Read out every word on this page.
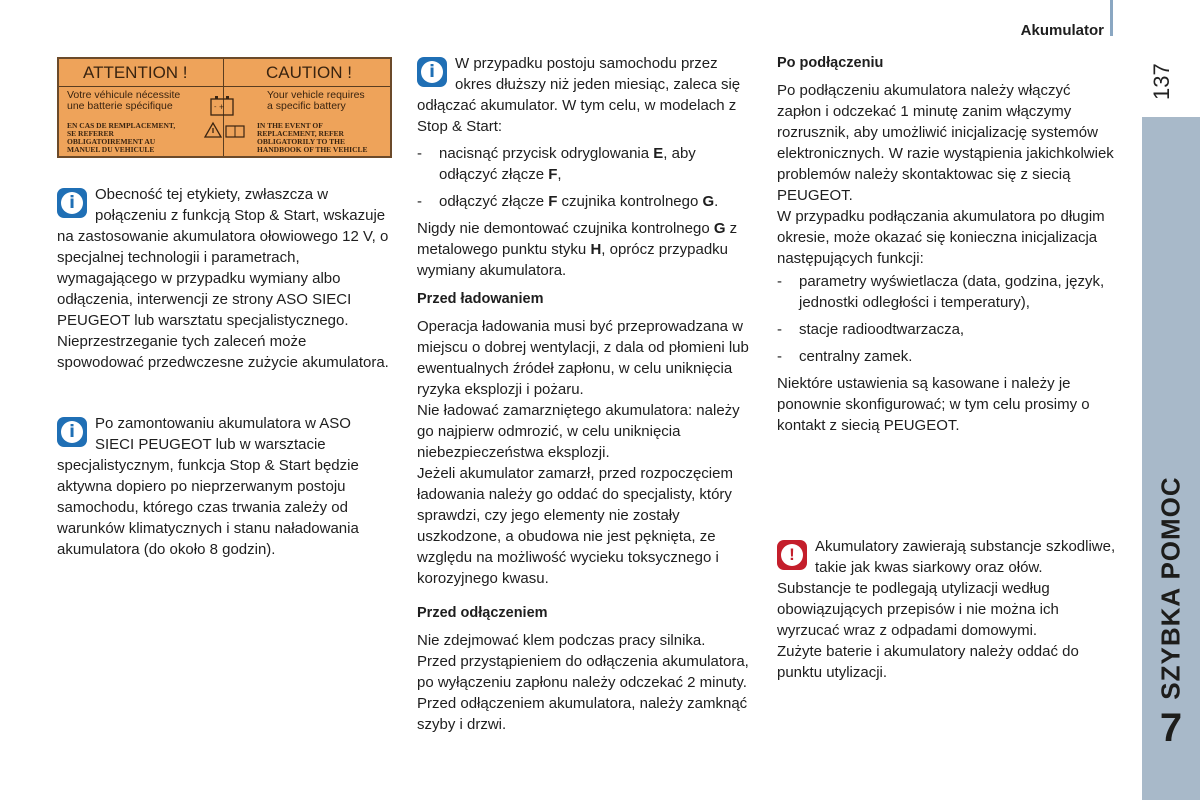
Akumulator
137
SZYBKA POMOC
7
ATTENTION !	CAUTION !
Votre véhicule nécessite
une batterie spécifique
Your vehicle requires
a specific battery
EN CAS DE REMPLACEMENT,
SE REFERER
OBLIGATOIREMENT AU
MANUEL DU VEHICULE
IN THE EVENT OF
REPLACEMENT, REFER
OBLIGATORILY TO THE
HANDBOOK OF THE VEHICLE
- +
i	Obecność tej etykiety, zwłaszcza w połączeniu z funkcją Stop & Start, wskazuje na zastosowanie akumulatora ołowiowego 12 V, o specjalnej technologii i parametrach, wymagającego w przypadku wymiany albo odłączenia, interwencji ze strony ASO SIECI PEUGEOT lub warsztatu specjalistycznego.

Nieprzestrzeganie tych zaleceń może spowodować przedwczesne zużycie akumulatora.

i	Po zamontowaniu akumulatora w ASO SIECI PEUGEOT lub w warsztacie specjalistycznym, funkcja Stop & Start będzie aktywna dopiero po nieprzerwanym postoju samochodu, którego czas trwania zależy od warunków klimatycznych i stanu naładowania akumulatora (do około 8 godzin).

i	W przypadku postoju samochodu przez okres dłuższy niż jeden miesiąc, zaleca się odłączać akumulator. W tym celu, w modelach z Stop & Start:

- nacisnąć przycisk odryglowania E, aby odłączyć złącze F,

- odłączyć złącze F czujnika kontrolnego G.

Nigdy nie demontować czujnika kontrolnego G z metalowego punktu styku H, oprócz przypadku wymiany akumulatora.

Przed ładowaniem

Operacja ładowania musi być przeprowadzana w miejscu o dobrej wentylacji, z dala od płomieni lub ewentualnych źródeł zapłonu, w celu uniknięcia ryzyka eksplozji i pożaru.

Nie ładować zamarzniętego akumulatora: należy go najpierw odmrozić, w celu uniknięcia niebezpieczeństwa eksplozji.

Jeżeli akumulator zamarzł, przed rozpoczęciem ładowania należy go oddać do specjalisty, który sprawdzi, czy jego elementy nie zostały uszkodzone, a obudowa nie jest pęknięta, ze względu na możliwość wycieku toksycznego i korozyjnego kwasu.

Przed odłączeniem

Nie zdejmować klem podczas pracy silnika.

Przed przystąpieniem do odłączenia akumulatora, po wyłączeniu zapłonu należy odczekać 2 minuty.

Przed odłączeniem akumulatora, należy zamknąć szyby i drzwi.

Po podłączeniu

Po podłączeniu akumulatora należy włączyć zapłon i odczekać 1 minutę zanim włączymy rozrusznik, aby umożliwić inicjalizację systemów elektronicznych. W razie wystąpienia jakichkolwiek problemów należy skontaktowac się z siecią PEUGEOT.

W przypadku podłączania akumulatora po długim okresie, może okazać się konieczna inicjalizacja następujących funkcji:

- parametry wyświetlacza (data, godzina, język, jednostki odległości i temperatury),

- stacje radioodtwarzacza,

- centralny zamek.

Niektóre ustawienia są kasowane i należy je ponownie skonfigurować; w tym celu prosimy o kontakt z siecią PEUGEOT.

!	Akumulatory zawierają substancje szkodliwe, takie jak kwas siarkowy oraz ołów. Substancje te podlegają utylizacji według obowiązujących przepisów i nie można ich wyrzucać wraz z odpadami domowymi.

Zużyte baterie i akumulatory należy oddać do punktu utylizacji.
